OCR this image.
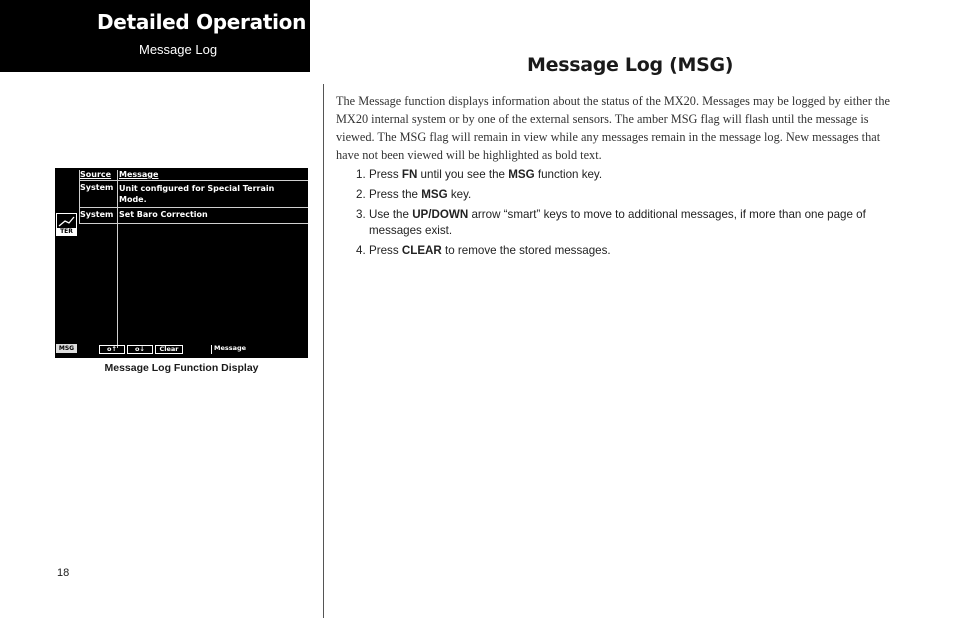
Detailed Operation
Message Log
Message Log (MSG)
The Message function displays information about the status of the MX20. Messages may be logged by either the MX20 internal system or by one of the external sensors. The amber MSG flag will flash until the message is viewed. The MSG flag will remain in view while any messages remain in the message log. New messages that have not been viewed will be highlighted as bold text.
1. Press FN until you see the MSG function key.
2. Press the MSG key.
3. Use the UP/DOWN arrow “smart” keys to move to additional messages, if more than one page of messages exist.
4. Press CLEAR to remove the stored messages.
Source Message
System Unit configured for Special Terrain Mode.
System Set Baro Correction
TER
MSG	o↑	o↓	Clear	Message
Message Log Function Display
18
